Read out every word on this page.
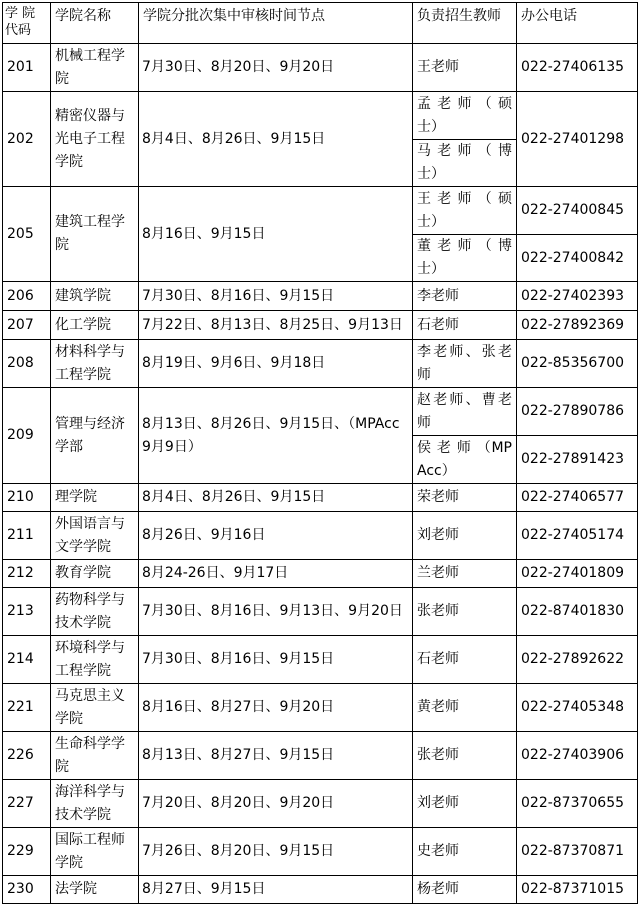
学 院
代码	学院名称	学院分批次集中审核时间节点	负责招生教师	办公电话
201	机械工程学院	7月30日、8月20日、9月20日	王老师	022-27406135
202	精密仪器与光电子工程学院	8月4日、8月26日、9月15日	孟 老 师 （ 硕士）	022-27401298
			马 老 师 （ 博士）	
205	建筑工程学院	8月16日、9月15日	王 老 师 （ 硕士）	022-27400845
			董 老 师 （ 博士）	022-27400842
206	建筑学院	7月30日、8月16日、9月15日	李老师	022-27402393
207	化工学院	7月22日、8月13日、8月25日、9月13日	石老师	022-27892369
208	材料科学与工程学院	8月19日、9月6日、9月18日	李老师、张老师	022-85356700
209	管理与经济学部	8月13日、8月26日、9月15日、（MPAcc 9月9日）	赵老师、曹老师	022-27890786
			侯 老 师 （MPAcc）	022-27891423
210	理学院	8月4日、8月26日、9月15日	荣老师	022-27406577
211	外国语言与文学学院	8月26日、9月16日	刘老师	022-27405174
212	教育学院	8月24-26日、9月17日	兰老师	022-27401809
213	药物科学与技术学院	7月30日、8月16日、9月13日、9月20日	张老师	022-87401830
214	环境科学与工程学院	7月30日、8月16日、9月15日	石老师	022-27892622
221	马克思主义学院	8月16日、8月27日、9月20日	黄老师	022-27405348
226	生命科学学院	8月13日、8月27日、9月15日	张老师	022-27403906
227	海洋科学与技术学院	7月20日、8月20日、9月20日	刘老师	022-87370655
229	国际工程师学院	7月26日、8月20日、9月15日	史老师	022-87370871
230	法学院	8月27日、9月15日	杨老师	022-87371015
